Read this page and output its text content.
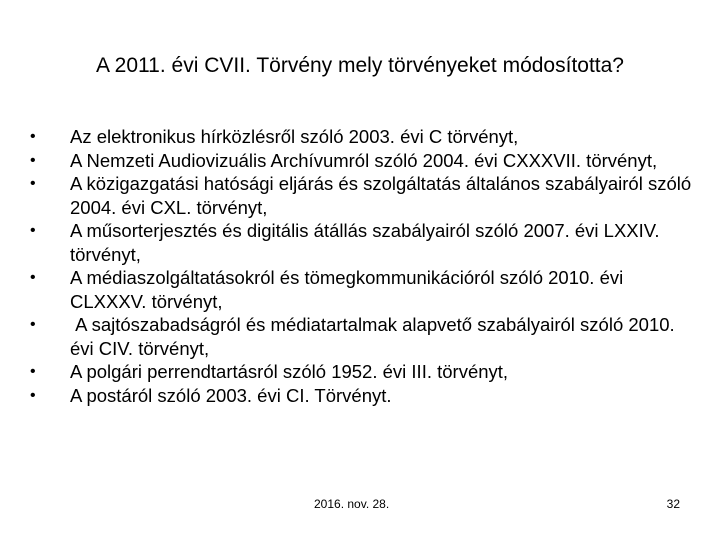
A 2011. évi CVII. Törvény mely törvényeket módosította?
•	Az elektronikus hírközlésről szóló 2003. évi C törvényt,
•	A Nemzeti Audiovizuális Archívumról szóló 2004. évi CXXXVII. törvényt,
•	A közigazgatási hatósági eljárás és szolgáltatás általános szabályairól szóló 2004. évi CXL. törvényt,
•	A műsorterjesztés és digitális átállás szabályairól szóló 2007. évi LXXIV. törvényt,
•	A médiaszolgáltatásokról és tömegkommunikációról szóló 2010. évi CLXXXV. törvényt,
•	A sajtószabadságról és médiatartalmak alapvető szabályairól szóló 2010. évi CIV. törvényt,
•	A polgári perrendtartásról szóló 1952. évi III. törvényt,
•	A postáról szóló 2003. évi CI. Törvényt.
2016. nov. 28.	32
